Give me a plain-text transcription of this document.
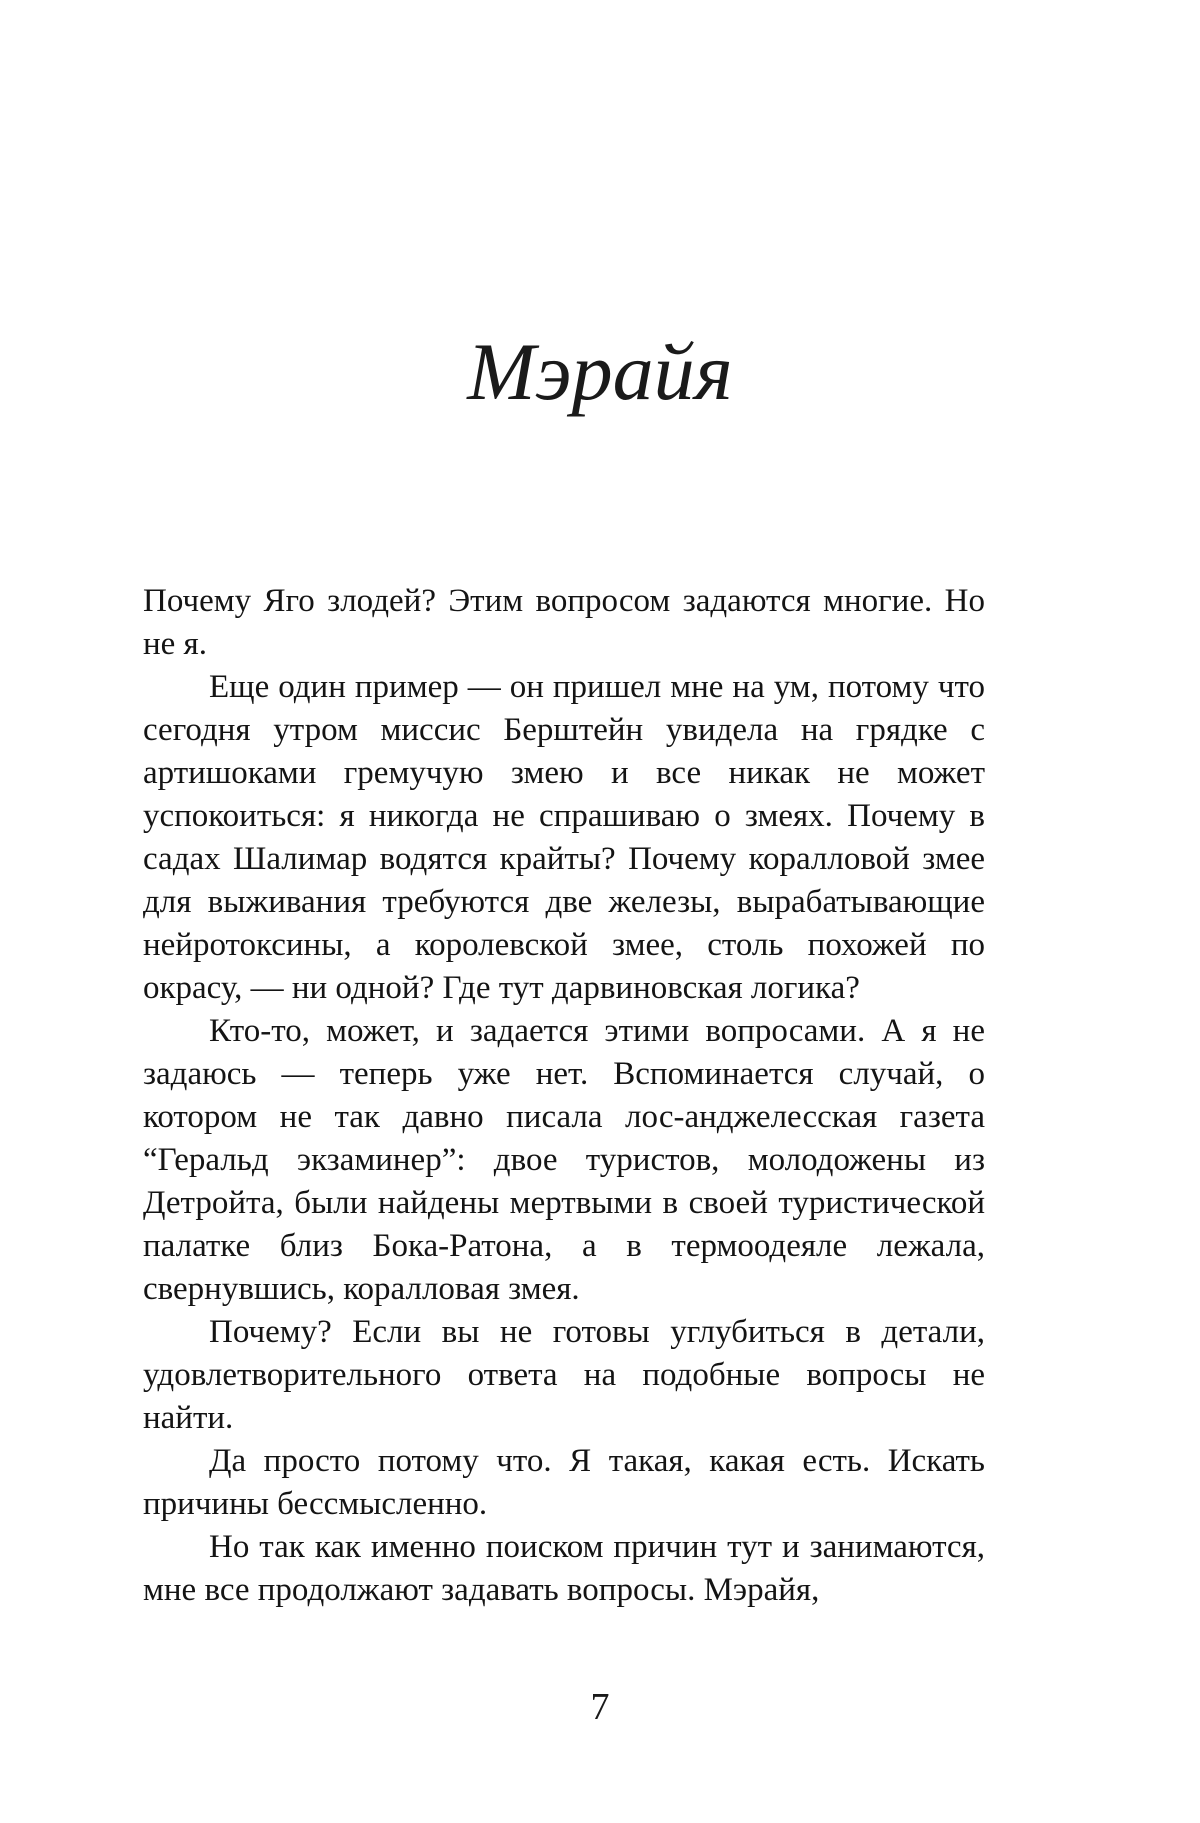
Мэрайя

Почему Яго злодей? Этим вопросом задаются многие. Но не я.

Еще один пример — он пришел мне на ум, потому что сегодня утром миссис Берштейн увидела на грядке с артишоками гремучую змею и все никак не может успокоиться: я никогда не спрашиваю о змеях. Почему в садах Шалимар водятся крайты? Почему коралловой змее для выживания требуются две железы, вырабатывающие нейротоксины, а королевской змее, столь похожей по окрасу, — ни одной? Где тут дарвиновская логика?

Кто-то, может, и задается этими вопросами. А я не задаюсь — теперь уже нет. Вспоминается случай, о котором не так давно писала лос-анджелесская газета “Геральд экзаминер”: двое туристов, молодожены из Детройта, были найдены мертвыми в своей туристической палатке близ Бока-Ратона, а в термоодеяле лежала, свернувшись, коралловая змея.

Почему? Если вы не готовы углубиться в детали, удовлетворительного ответа на подобные вопросы не найти.

Да просто потому что. Я такая, какая есть. Искать причины бессмысленно.

Но так как именно поиском причин тут и занимаются, мне все продолжают задавать вопросы. Мэрайя,

7
